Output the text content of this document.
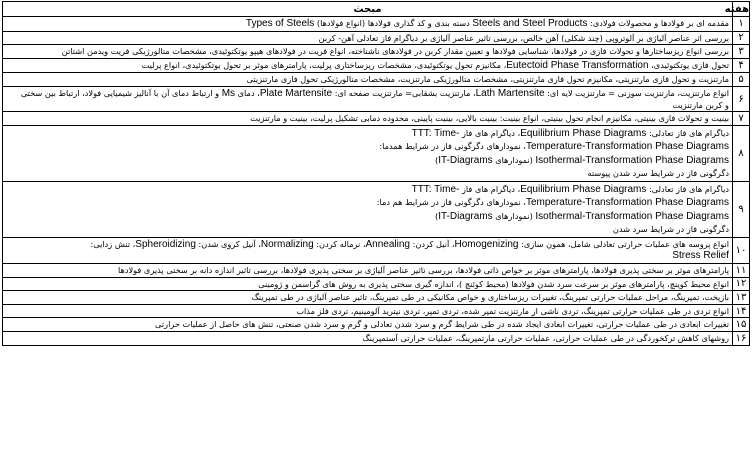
هفته	مبحث
۱	مقدمه ای بر فولادها و محصولات فولادی: Steels and Steel Products دسته بندی و کد گذاری فولادها (انواع فولادها) Types of Steels

۲	بررسی اثر عناصر آلیاژی بر آلوتروپی (چند شکلی) آهن خالص، بررسی تاثیر عناصر آلیاژی بر دیاگرام فاز تعادلی آهن- کربن

۳	بررسی انواع ریزساختارها و تحولات فازی در فولادها، شناسایی فولادها و تعیین مقدار کربن در فولادهای ناشناخته، انواع فریت در فولادهای هیپو یوتکتوئیدی، مشخصات متالورژیکی فریت ویدمن اشتاتن

۴	تحول فازی یوتکتوئیدی، Eutectoid Phase Transformation، مکانیزم تحول یوتکتوئیدی، مشخصات ریزساختاری پرلیت، پارامترهای موثر بر تحول یوتکتوئیدی، انواع پرلیت

۵	مارتنزیت و تحول فازی مارتنزیتی، مکانیزم تحول فازی مارتنزیتی، مشخصات متالورژیکی مارتنزیت، مشخصات متالورژیکی تحول فازی مارتنزیتی

۶	انواع مارتنزیت، مارتنزیت سوزنی = مارتنزیت لایه ای: Lath Martensite، مارتنزیت بشقابی= مارتنزیت صفحه ای: Plate Martensite، دمای Ms و ارتباط دمای آن با آنالیز شیمیایی فولاد، ارتباط بین سختی
و کربن مارتنزیت

۷	بینیت و تحولات فازی بینیتی، مکانیزم انجام تحول بینیتی، انواع بینیت: بینیت بالایی، بینیت پایینی، محدوده دمایی تشکیل پرلیت، بینیت و مارتنزیت

۸	دیاگرام های فاز تعادلی: Equilibrium Phase Diagrams، دیاگرام های فاز TTT: Time-
Temperature-Transformation Phase Diagrams، نمودارهای دگرگونی فاز در شرایط همدما:
Isothermal-Transformation Phase Diagrams (نمودارهای IT-Diagrams)
دگرگونی فاز در شرایط سرد شدن پیوسته

۹	دیاگرام های فاز تعادلی: Equilibrium Phase Diagrams، دیاگرام های فاز TTT: Time-
Temperature-Transformation Phase Diagrams، نمودارهای دگرگونی فاز در شرایط هم دما:
Isothermal-Transformation Phase Diagrams (نمودارهای IT-Diagrams)
دگرگونی فاز در شرایط سرد شدن

۱۰	انواع پروسه های عملیات حرارتی تعادلی شامل، همون سازی: Homogenizing، آنیل کردن: Annealing، نرماله کردن: Normalizing، آنیل کروی شدن: Spheroidizing، تنش زدایی:
Stress Relief

۱۱	پارامترهای موثر بر سختی پذیری فولادها، پارامترهای موثر بر خواص ذاتی فولادها، بررسی تاثیر عناصر آلیاژی بر سختی پذیری فولادها، بررسی تاثیر اندازه دانه بر سختی پذیری فولادها

۱۲	انواع محیط کوینچ، پارامترهای موثر بر سرعت سرد شدن فولادها (محیط کوئنچ )، اندازه گیری سختی پذیری به روش های گراسمن و ژومینی

۱۳	بازپخت، تمپرینگ، مراحل عملیات حرارتی تمپرینگ، تغییرات ریزساختاری و خواص مکانیکی در طی تمپرینگ، تاثیر عناصر آلیاژی در طی تمپرینگ

۱۴	انواع تردی در طی عملیات حرارتی تمپرینگ، تردی ناشی از مارتنزیت تمپر شده، تردی تمپر، تردی نیترید آلومینیم، تردی فلز مذاب

۱۵	تغییرات ابعادی در طی عملیات حرارتی، تغییرات ابعادی ایجاد شده در طی شرایط گرم و سرد شدن تعادلی و گرم و سرد شدن صنعتی، تنش های حاصل از عملیات حرارتی

۱۶	روشهای کاهش ترکخوردگی در طی عملیات حرارتی، عملیات حرارتی مارتمپرینگ، عملیات حرارتی آستمپرینگ
